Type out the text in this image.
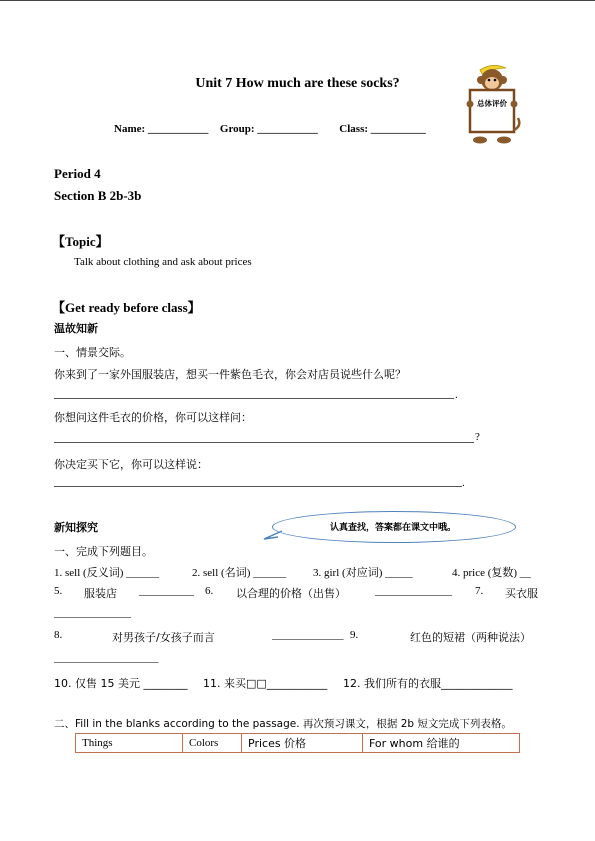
Unit 7 How much are these socks?
Name: ___________ Group: ___________ Class: __________
总体评价
Period 4
Section B 2b-3b
【Topic】
Talk about clothing and ask about prices
【Get ready before class】
温故知新
一、情景交际。
你来到了一家外国服装店，想买一件紫色毛衣，你会对店员说些什么呢？
.
你想问这件毛衣的价格，你可以这样问：
?
你决定买下它，你可以这样说：
.
新知探究	认真查找，答案都在课文中哦。
一、完成下列题目。
1. sell (反义词) ______	2. sell (名词) ______ 3. girl (对应词) _____	4. price (复数) __
5. 服装店 __________ 6. 以合理的价格（出售）	______________ 7. 买衣服
______________
8.	对男孩子/女孩子而言	_____________ 9.	红色的短裙（两种说法）
___________________
10. 仅售 15 美元 ________ 11. 来买□□___________ 12. 我们所有的衣服_____________
二、Fill in the blanks according to the passage. 再次预习课文，根据 2b 短文完成下列表格。
Things	Colors	Prices 价格	For whom 给谁的
